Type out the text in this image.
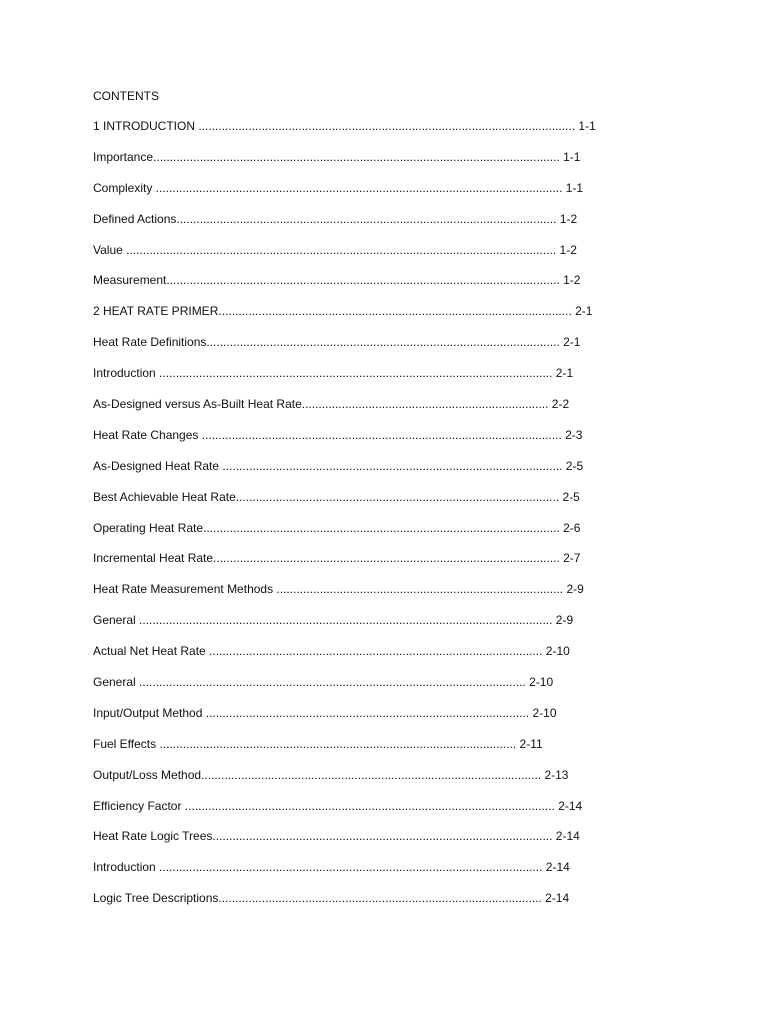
CONTENTS
1 INTRODUCTION ................................................................................................................. 1-1
Importance.......................................................................................................................... 1-1
Complexity .......................................................................................................................... 1-1
Defined Actions.................................................................................................................. 1-2
Value ................................................................................................................................. 1-2
Measurement...................................................................................................................... 1-2
2 HEAT RATE PRIMER.......................................................................................................... 2-1
Heat Rate Definitions.......................................................................................................... 2-1
Introduction ...................................................................................................................... 2-1
As-Designed versus As-Built Heat Rate.......................................................................... 2-2
Heat Rate Changes ............................................................................................................ 2-3
As-Designed Heat Rate ...................................................................................................... 2-5
Best Achievable Heat Rate................................................................................................. 2-5
Operating Heat Rate........................................................................................................... 2-6
Incremental Heat Rate........................................................................................................ 2-7
Heat Rate Measurement Methods ...................................................................................... 2-9
General ............................................................................................................................ 2-9
Actual Net Heat Rate .................................................................................................... 2-10
General .................................................................................................................... 2-10
Input/Output Method ................................................................................................. 2-10
Fuel Effects ........................................................................................................... 2-11
Output/Loss Method...................................................................................................... 2-13
Efficiency Factor ............................................................................................................... 2-14
Heat Rate Logic Trees...................................................................................................... 2-14
Introduction ................................................................................................................... 2-14
Logic Tree Descriptions................................................................................................. 2-14
